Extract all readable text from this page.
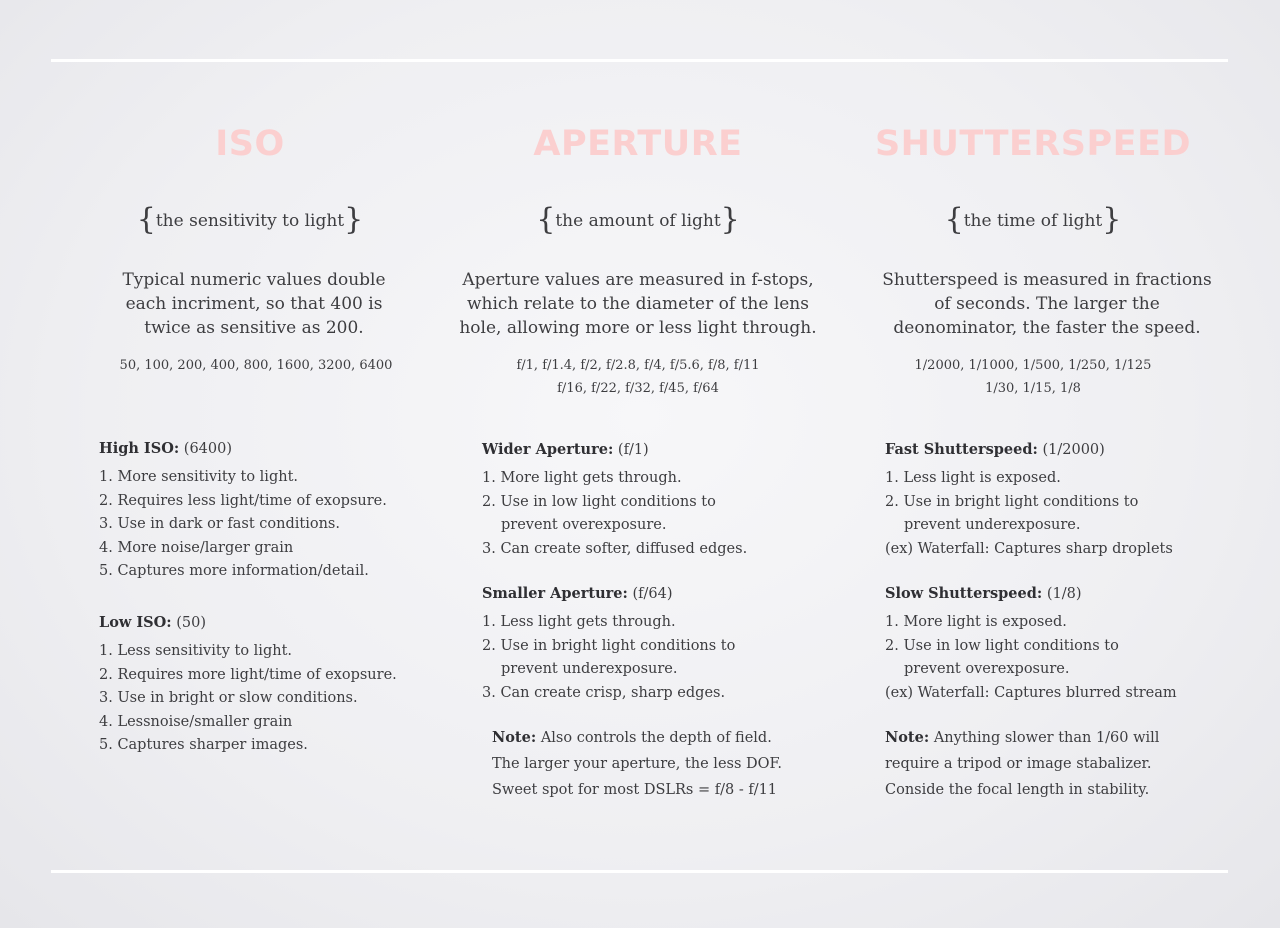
ISO
{the sensitivity to light}
Typical numeric values double each incriment, so that 400 is twice as sensitive as 200.
50, 100, 200, 400, 800, 1600, 3200, 6400
High ISO: (6400)
1. More sensitivity to light.
2. Requires less light/time of exopsure.
3. Use in dark or fast conditions.
4. More noise/larger grain
5. Captures more information/detail.
Low ISO: (50)
1. Less sensitivity to light.
2. Requires more light/time of exopsure.
3. Use in bright or slow conditions.
4. Lessnoise/smaller grain
5. Captures sharper images.
APERTURE
{the amount of light}
Aperture values are measured in f-stops, which relate to the diameter of the lens hole, allowing more or less light through.
f/1, f/1.4, f/2, f/2.8, f/4, f/5.6, f/8, f/11
f/16, f/22, f/32, f/45, f/64
Wider Aperture: (f/1)
1. More light gets through.
2. Use in low light conditions to
prevent overexposure.
3. Can create softer, diffused edges.
Smaller Aperture: (f/64)
1. Less light gets through.
2. Use in bright light conditions to
prevent underexposure.
3. Can create crisp, sharp edges.
Note: Also controls the depth of field.
The larger your aperture, the less DOF.
Sweet spot for most DSLRs = f/8 - f/11
SHUTTERSPEED
{the time of light}
Shutterspeed is measured in fractions of seconds. The larger the deonominator, the faster the speed.
1/2000, 1/1000, 1/500, 1/250, 1/125
1/30, 1/15, 1/8
Fast Shutterspeed: (1/2000)
1. Less light is exposed.
2. Use in bright light conditions to
prevent underexposure.
(ex) Waterfall: Captures sharp droplets
Slow Shutterspeed: (1/8)
1. More light is exposed.
2. Use in low light conditions to
prevent overexposure.
(ex) Waterfall: Captures blurred stream
Note: Anything slower than 1/60 will
require a tripod or image stabalizer.
Conside the focal length in stability.
